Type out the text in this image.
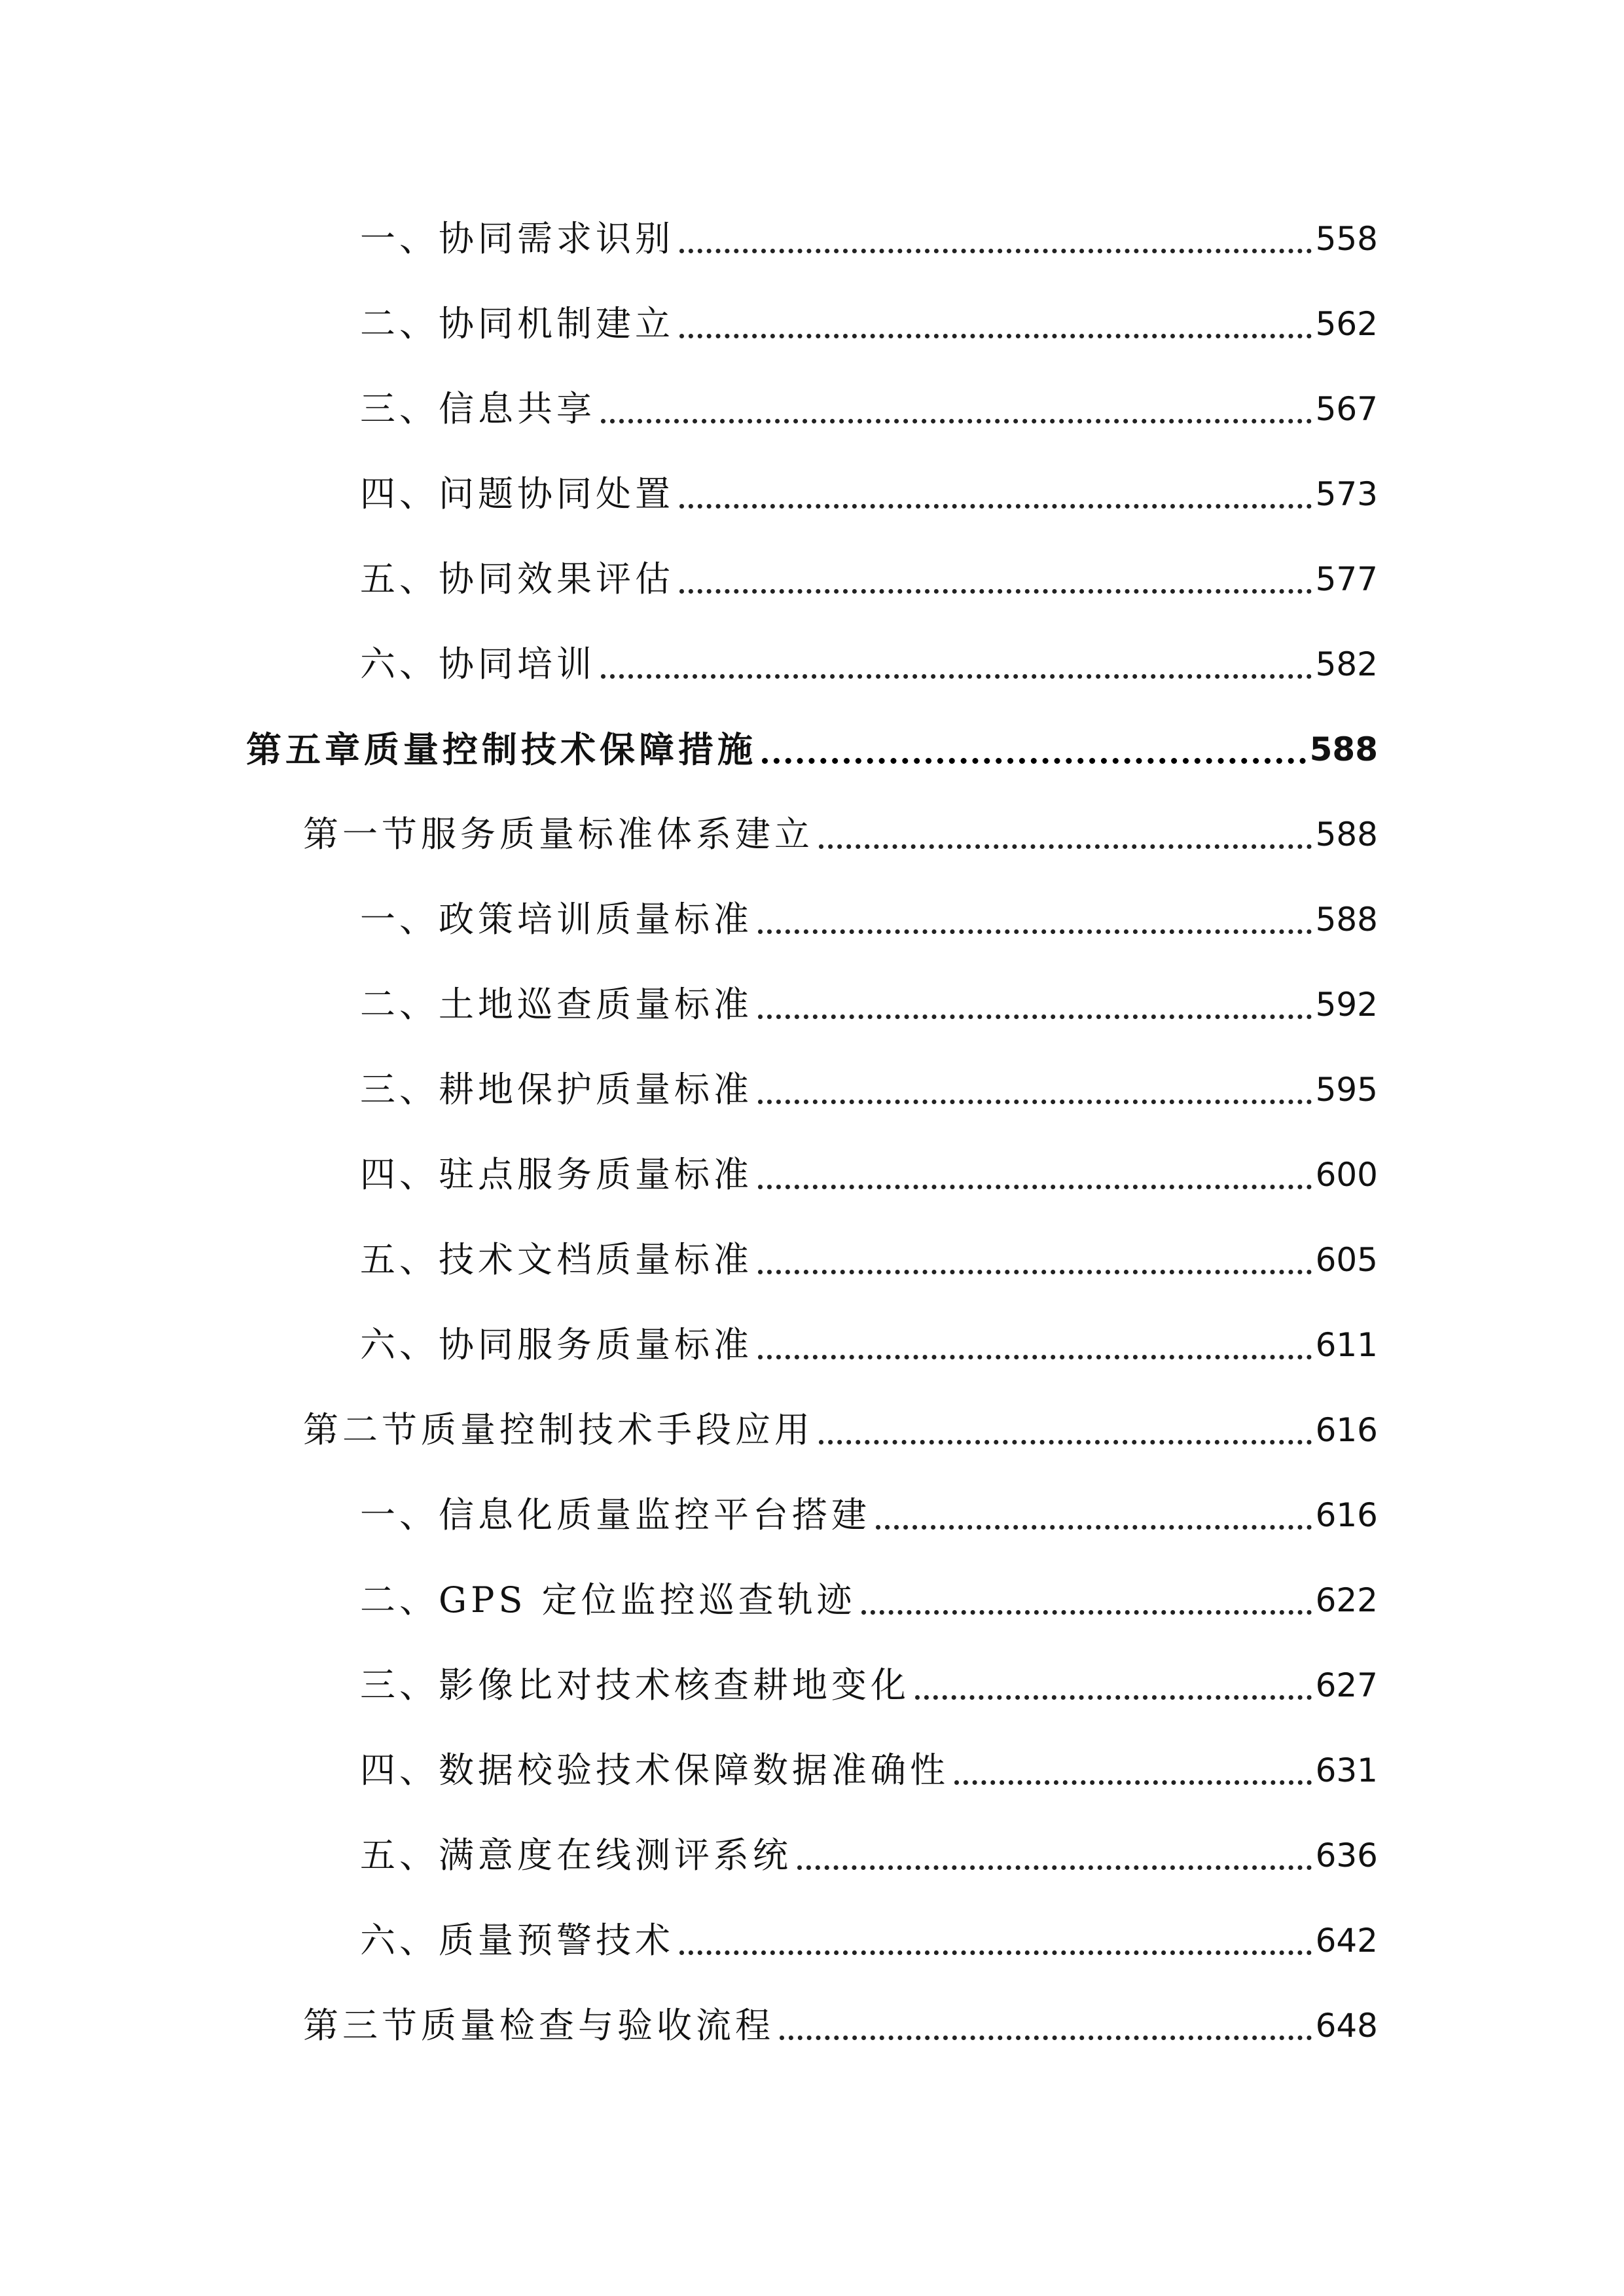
一、协同需求识别	558
二、协同机制建立	562
三、信息共享	567
四、问题协同处置	573
五、协同效果评估	577
六、协同培训	582
第五章质量控制技术保障措施	588
第一节服务质量标准体系建立	588
一、政策培训质量标准	588
二、土地巡查质量标准	592
三、耕地保护质量标准	595
四、驻点服务质量标准	600
五、技术文档质量标准	605
六、协同服务质量标准	611
第二节质量控制技术手段应用	616
一、信息化质量监控平台搭建	616
二、GPS 定位监控巡查轨迹	622
三、影像比对技术核查耕地变化	627
四、数据校验技术保障数据准确性	631
五、满意度在线测评系统	636
六、质量预警技术	642
第三节质量检查与验收流程	648
